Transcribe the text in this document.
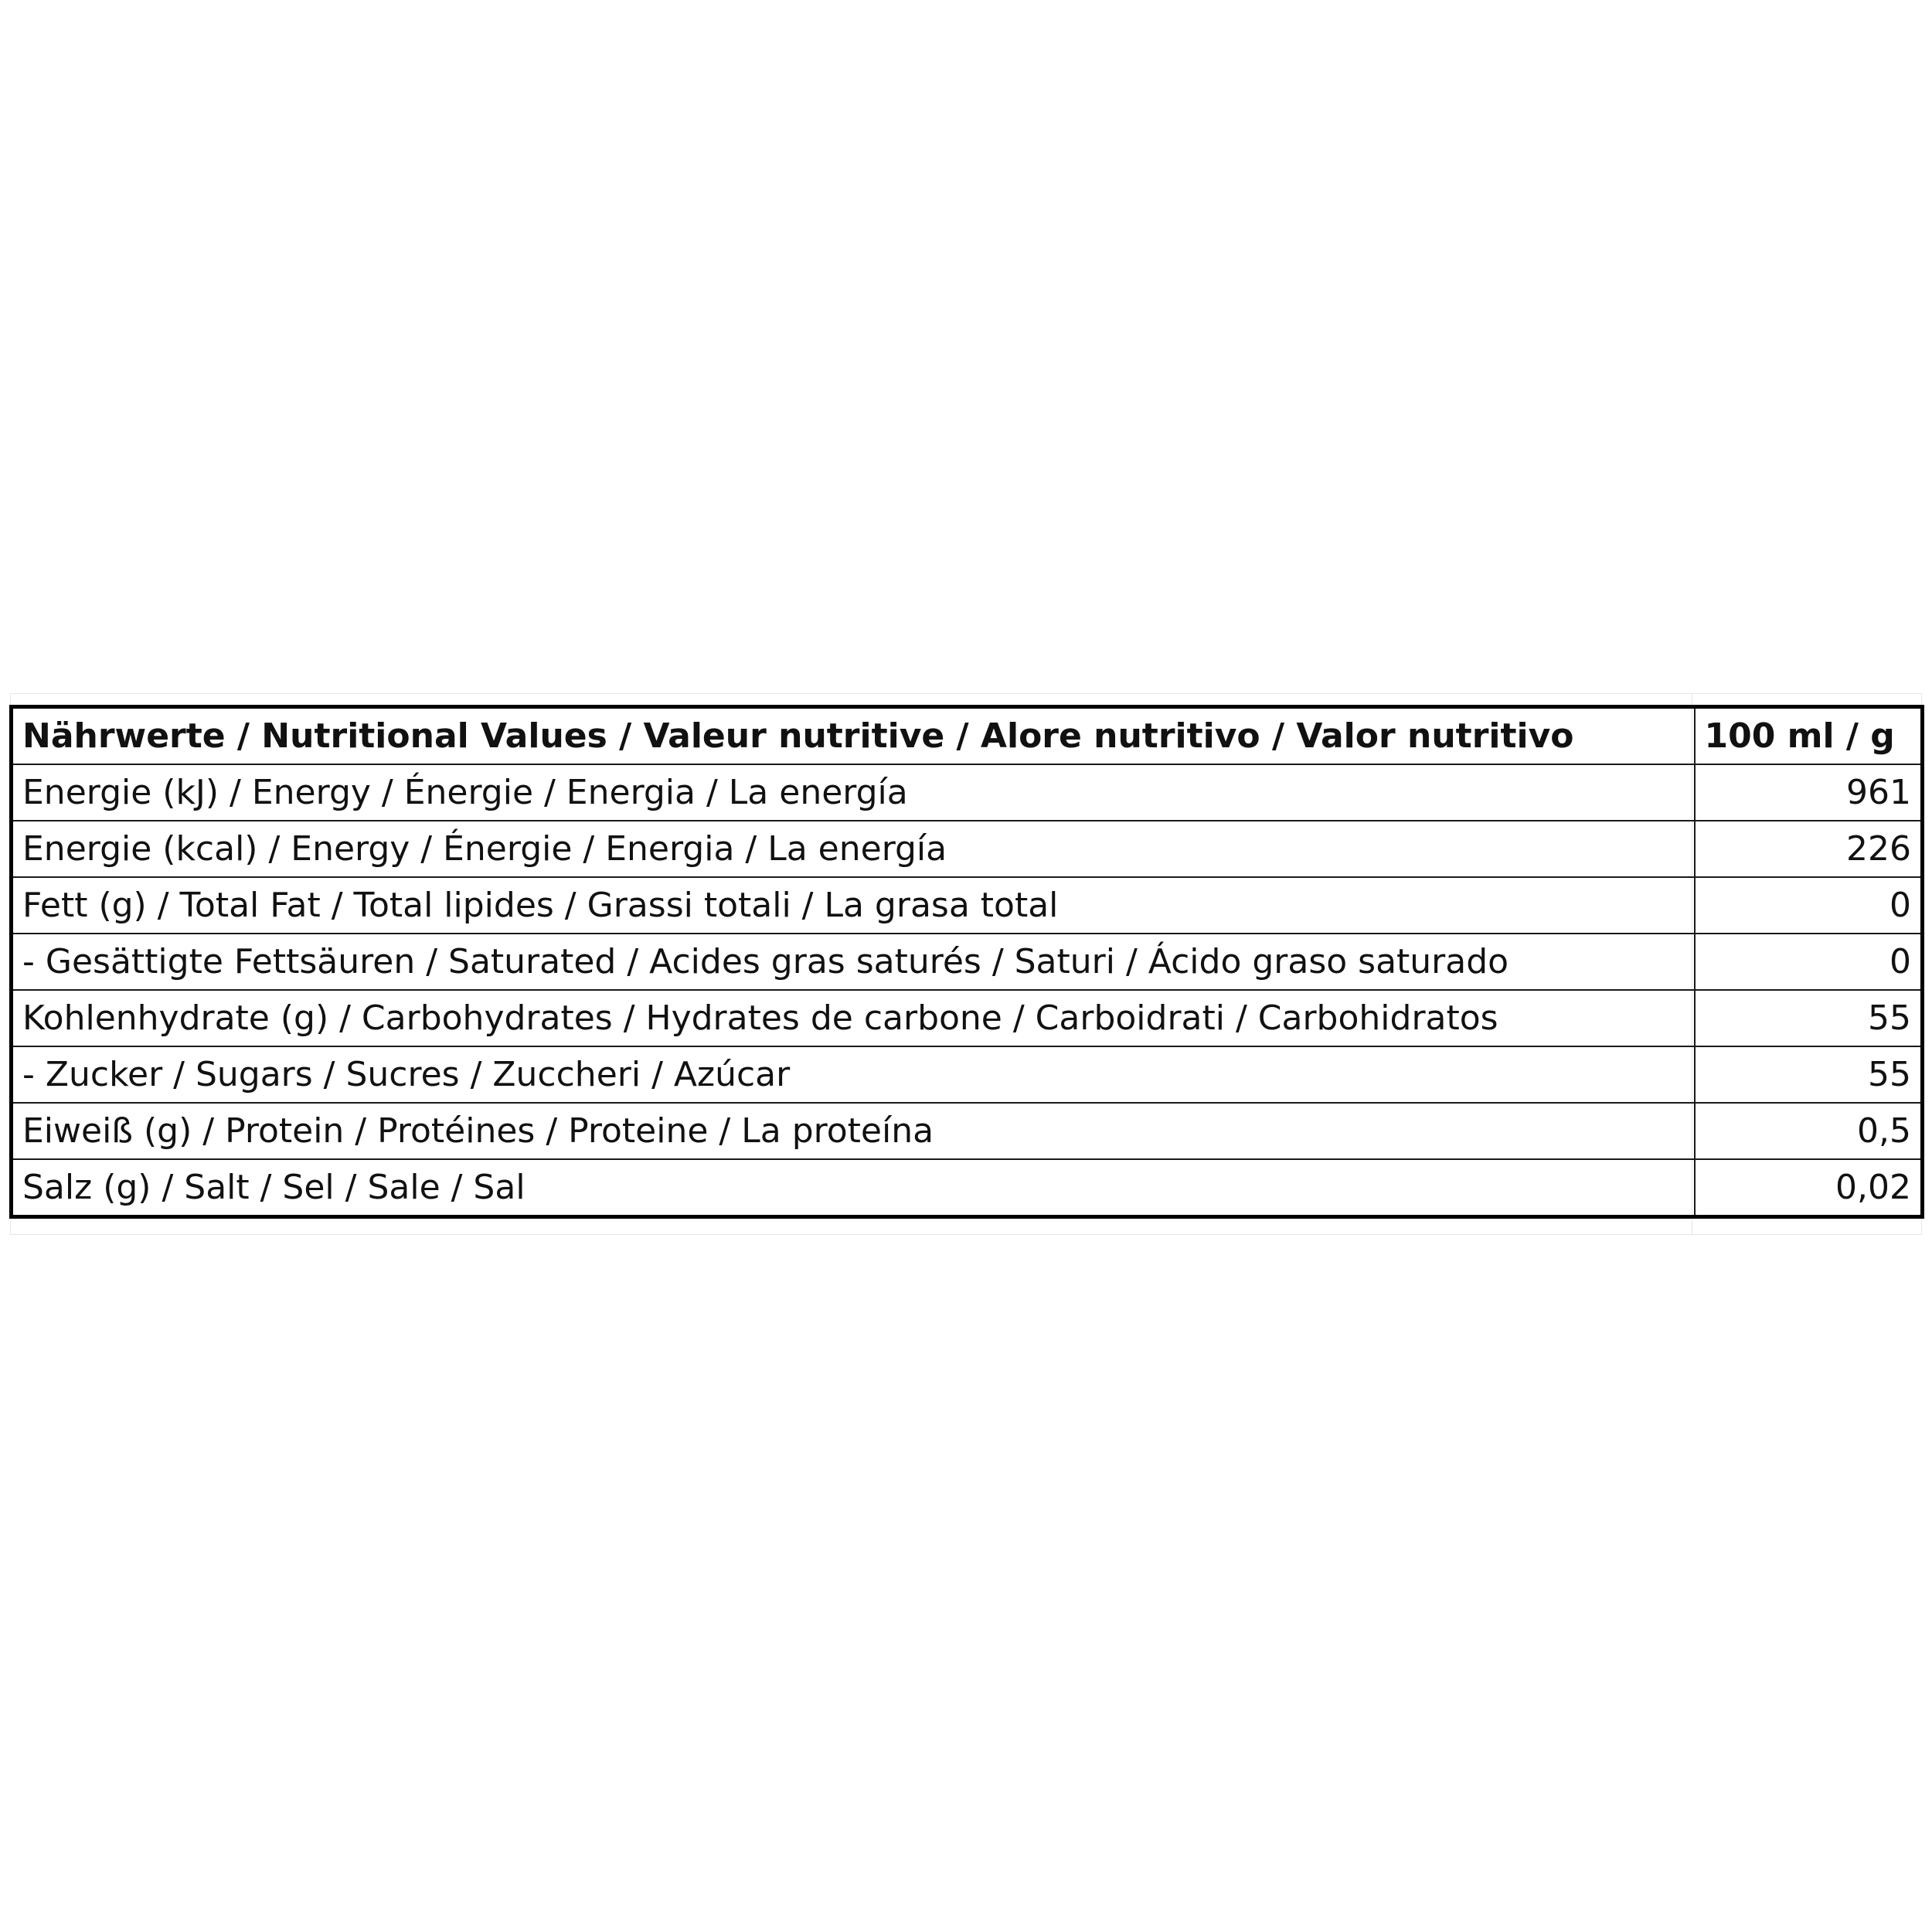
Nährwerte / Nutritional Values / Valeur nutritive / Alore nutritivo / Valor nutritivo	100 ml / g
Energie (kJ) / Energy / Énergie / Energia / La energía	961
Energie (kcal) / Energy / Énergie / Energia / La energía	226
Fett (g) / Total Fat / Total lipides / Grassi totali / La grasa total	0
- Gesättigte Fettsäuren / Saturated / Acides gras saturés / Saturi / Ácido graso saturado	0
Kohlenhydrate (g) / Carbohydrates / Hydrates de carbone / Carboidrati / Carbohidratos	55
- Zucker / Sugars / Sucres / Zuccheri / Azúcar	55
Eiweiß (g) / Protein / Protéines / Proteine / La proteína	0,5
Salz (g) / Salt / Sel / Sale / Sal	0,02
